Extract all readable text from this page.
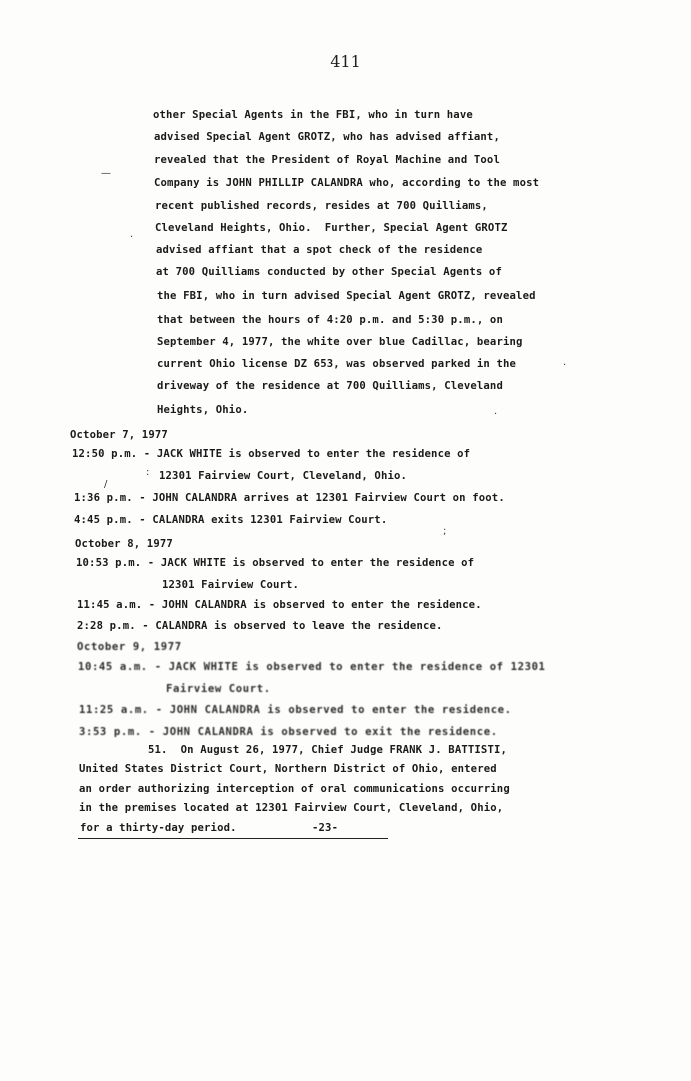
411
other Special Agents in the FBI, who in turn have
advised Special Agent GROTZ, who has advised affiant,
revealed that the President of Royal Machine and Tool
Company is JOHN PHILLIP CALANDRA who, according to the most
recent published records, resides at 700 Quilliams,
Cleveland Heights, Ohio.  Further, Special Agent GROTZ
advised affiant that a spot check of the residence
at 700 Quilliams conducted by other Special Agents of
the FBI, who in turn advised Special Agent GROTZ, revealed
that between the hours of 4:20 p.m. and 5:30 p.m., on
September 4, 1977, the white over blue Cadillac, bearing
current Ohio license DZ 653, was observed parked in the
driveway of the residence at 700 Quilliams, Cleveland
Heights, Ohio.
October 7, 1977
12:50 p.m. - JACK WHITE is observed to enter the residence of
12301 Fairview Court, Cleveland, Ohio.
1:36 p.m. - JOHN CALANDRA arrives at 12301 Fairview Court on foot.
4:45 p.m. - CALANDRA exits 12301 Fairview Court.
October 8, 1977
10:53 p.m. - JACK WHITE is observed to enter the residence of
12301 Fairview Court.
11:45 a.m. - JOHN CALANDRA is observed to enter the residence.
2:28 p.m. - CALANDRA is observed to leave the residence.
October 9, 1977
10:45 a.m. - JACK WHITE is observed to enter the residence of 12301
Fairview Court.
11:25 a.m. - JOHN CALANDRA is observed to enter the residence.
3:53 p.m. - JOHN CALANDRA is observed to exit the residence.
51.  On August 26, 1977, Chief Judge FRANK J. BATTISTI,
United States District Court, Northern District of Ohio, entered
an order authorizing interception of oral communications occurring
in the premises located at 12301 Fairview Court, Cleveland, Ohio,
for a thirty-day period.	-23-
—
.
.
.
:
/
;
